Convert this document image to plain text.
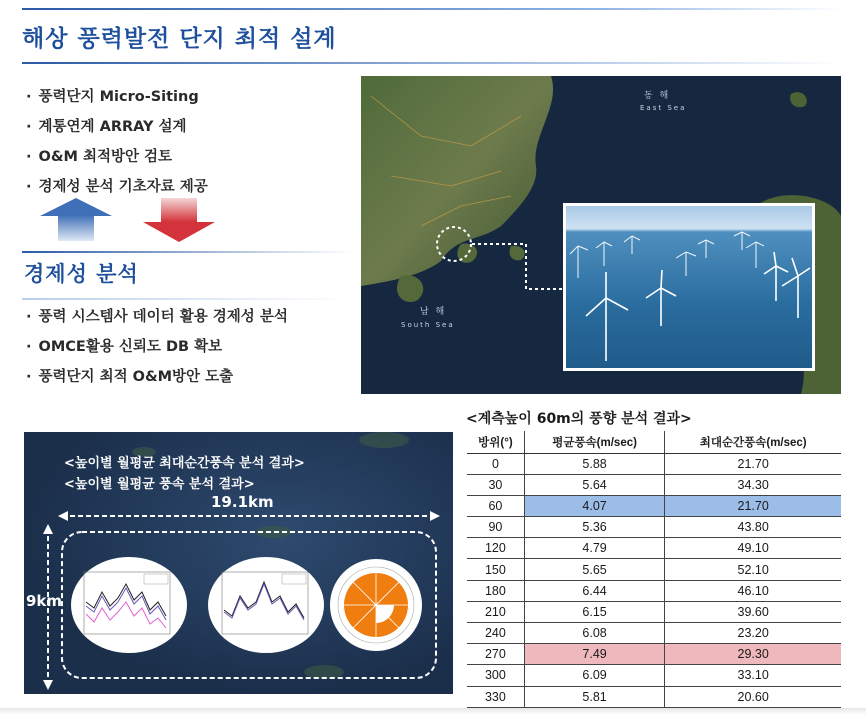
해상 풍력발전 단지 최적 설계
· 풍력단지 Micro-Siting
· 계통연계 ARRAY 설계
· O&M 최적방안 검토
· 경제성 분석 기초자료 제공
경제성 분석
· 풍력 시스템사 데이터 활용 경제성 분석
· OMCE활용 신뢰도 DB 확보
· 풍력단지 최적 O&M방안 도출
동 해
East Sea
남 해
South Sea
<높이별 월평균 최대순간풍속 분석 결과>
<높이별 월평균 풍속 분석 결과>
19.1km
9km
<계측높이 60m의 풍향 분석 결과>
방위(°)	평균풍속(m/sec)	최대순간풍속(m/sec)
0	5.88	21.70
30	5.64	34.30
60	4.07	21.70
90	5.36	43.80
120	4.79	49.10
150	5.65	52.10
180	6.44	46.10
210	6.15	39.60
240	6.08	23.20
270	7.49	29.30
300	6.09	33.10
330	5.81	20.60
